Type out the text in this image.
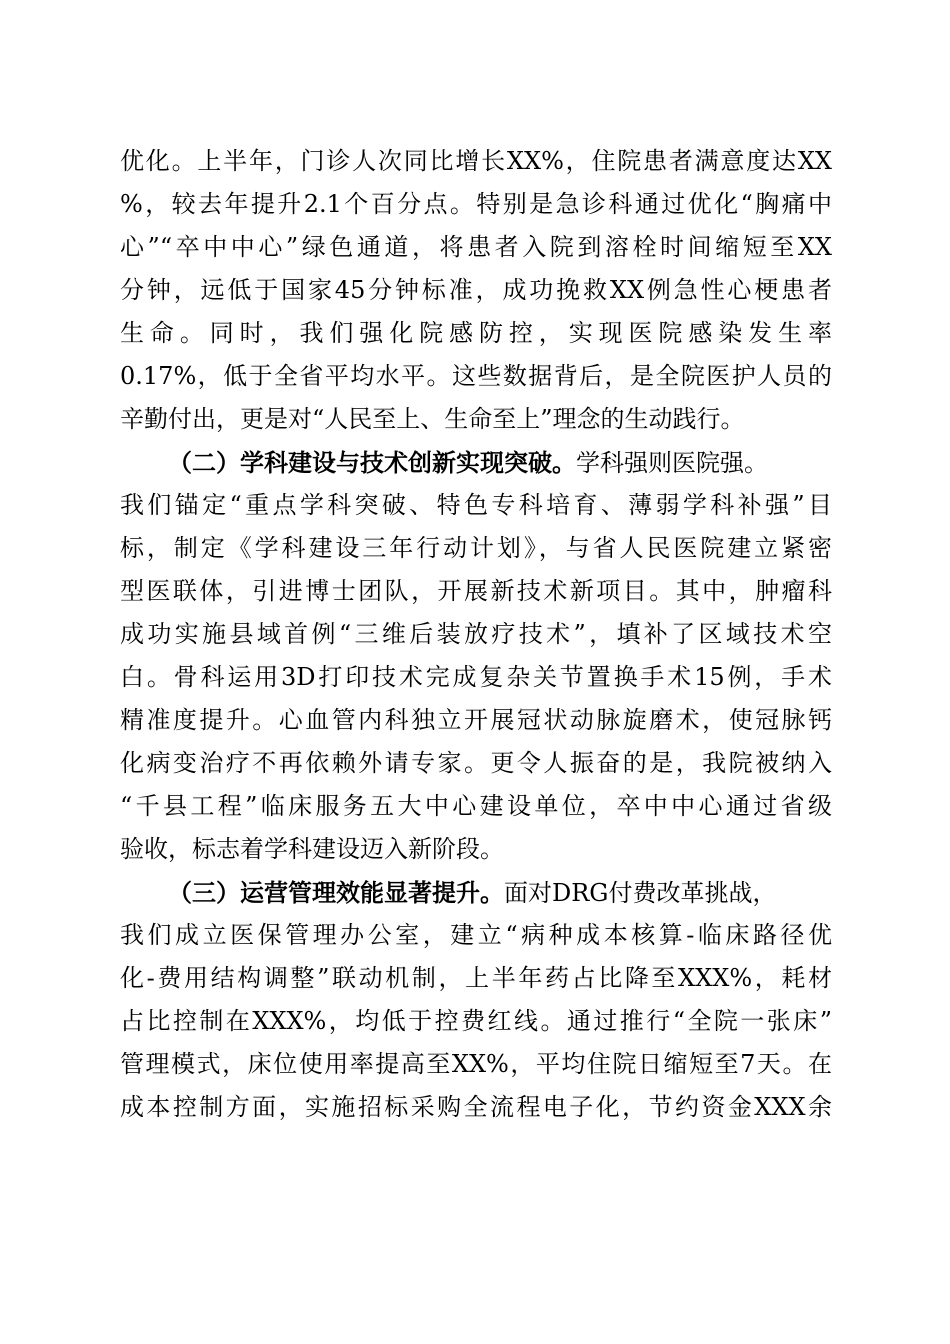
优化。上半年，门诊人次同比增长XX%，住院患者满意度达XX
%，较去年提升2.1个百分点。特别是急诊科通过优化“胸痛中
心”“卒中中心”绿色通道，将患者入院到溶栓时间缩短至XX
分钟，远低于国家45分钟标准，成功挽救XX例急性心梗患者
生命。同时，我们强化院感防控，实现医院感染发生率
0.17%，低于全省平均水平。这些数据背后，是全院医护人员的
辛勤付出，更是对“人民至上、生命至上”理念的生动践行。
（二）学科建设与技术创新实现突破。学科强则医院强。
我们锚定“重点学科突破、特色专科培育、薄弱学科补强”目
标，制定《学科建设三年行动计划》，与省人民医院建立紧密
型医联体，引进博士团队，开展新技术新项目。其中，肿瘤科
成功实施县域首例“三维后装放疗技术”，填补了区域技术空
白。骨科运用3D打印技术完成复杂关节置换手术15例，手术
精准度提升。心血管内科独立开展冠状动脉旋磨术，使冠脉钙
化病变治疗不再依赖外请专家。更令人振奋的是，我院被纳入
“千县工程”临床服务五大中心建设单位，卒中中心通过省级
验收，标志着学科建设迈入新阶段。
（三）运营管理效能显著提升。面对DRG付费改革挑战，
我们成立医保管理办公室，建立“病种成本核算-临床路径优
化-费用结构调整”联动机制，上半年药占比降至XXX%，耗材
占比控制在XXX%，均低于控费红线。通过推行“全院一张床”
管理模式，床位使用率提高至XX%，平均住院日缩短至7天。在
成本控制方面，实施招标采购全流程电子化，节约资金XXX余
